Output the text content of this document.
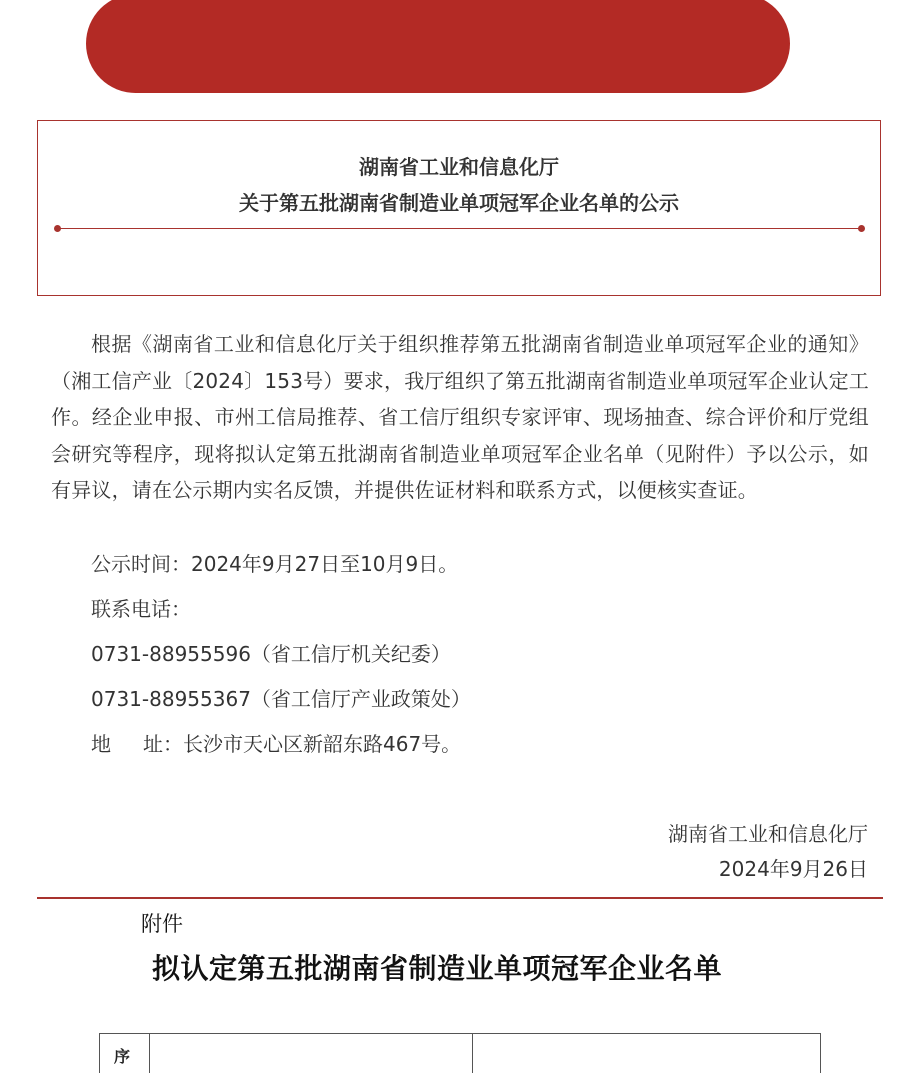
湖南省工业和信息化厅
关于第五批湖南省制造业单项冠军企业名单的公示
根据《湖南省工业和信息化厅关于组织推荐第五批湖南省制造业单项冠军企业的通知》（湘工信产业〔2024〕153号）要求，我厅组织了第五批湖南省制造业单项冠军企业认定工作。经企业申报、市州工信局推荐、省工信厅组织专家评审、现场抽查、综合评价和厅党组会研究等程序，现将拟认定第五批湖南省制造业单项冠军企业名单（见附件）予以公示，如有异议，请在公示期内实名反馈，并提供佐证材料和联系方式，以便核实查证。
公示时间：2024年9月27日至10月9日。
联系电话：
0731-88955596（省工信厅机关纪委）
0731-88955367（省工信厅产业政策处）
地 址：长沙市天心区新韶东路467号。
湖南省工业和信息化厅
2024年9月26日
附件
拟认定第五批湖南省制造业单项冠军企业名单
序
